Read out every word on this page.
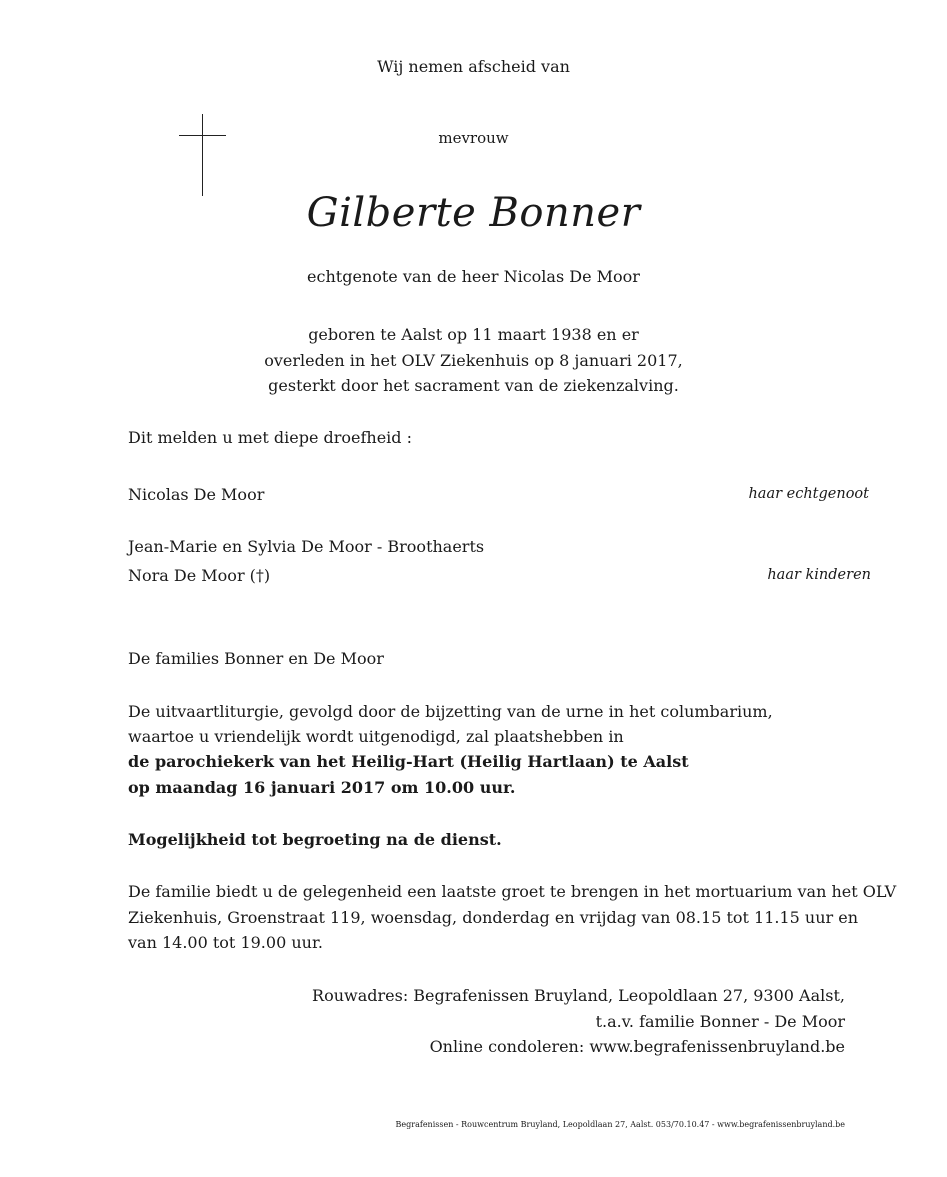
Wij nemen afscheid van
mevrouw
Gilberte Bonner
echtgenote van de heer Nicolas De Moor
geboren te Aalst op 11 maart 1938 en er
overleden in het OLV Ziekenhuis op 8 januari 2017,
gesterkt door het sacrament van de ziekenzalving.
Dit melden u met diepe droefheid :
Nicolas De Moor	haar echtgenoot
Jean-Marie en Sylvia De Moor - Broothaerts
Nora De Moor (†)	haar kinderen
De families Bonner en De Moor
De uitvaartliturgie, gevolgd door de bijzetting van de urne in het columbarium,
waartoe u vriendelijk wordt uitgenodigd, zal plaatshebben in
de parochiekerk van het Heilig-Hart (Heilig Hartlaan) te Aalst
op maandag 16 januari 2017 om 10.00 uur.
Mogelijkheid tot begroeting na de dienst.
De familie biedt u de gelegenheid een laatste groet te brengen in het mortuarium van het OLV
Ziekenhuis, Groenstraat 119, woensdag, donderdag en vrijdag van 08.15 tot 11.15 uur en
van 14.00 tot 19.00 uur.
Rouwadres: Begrafenissen Bruyland, Leopoldlaan 27, 9300 Aalst,
t.a.v. familie Bonner - De Moor
Online condoleren: www.begrafenissenbruyland.be
Begrafenissen - Rouwcentrum Bruyland, Leopoldlaan 27, Aalst. 053/70.10.47 - www.begrafenissenbruyland.be
